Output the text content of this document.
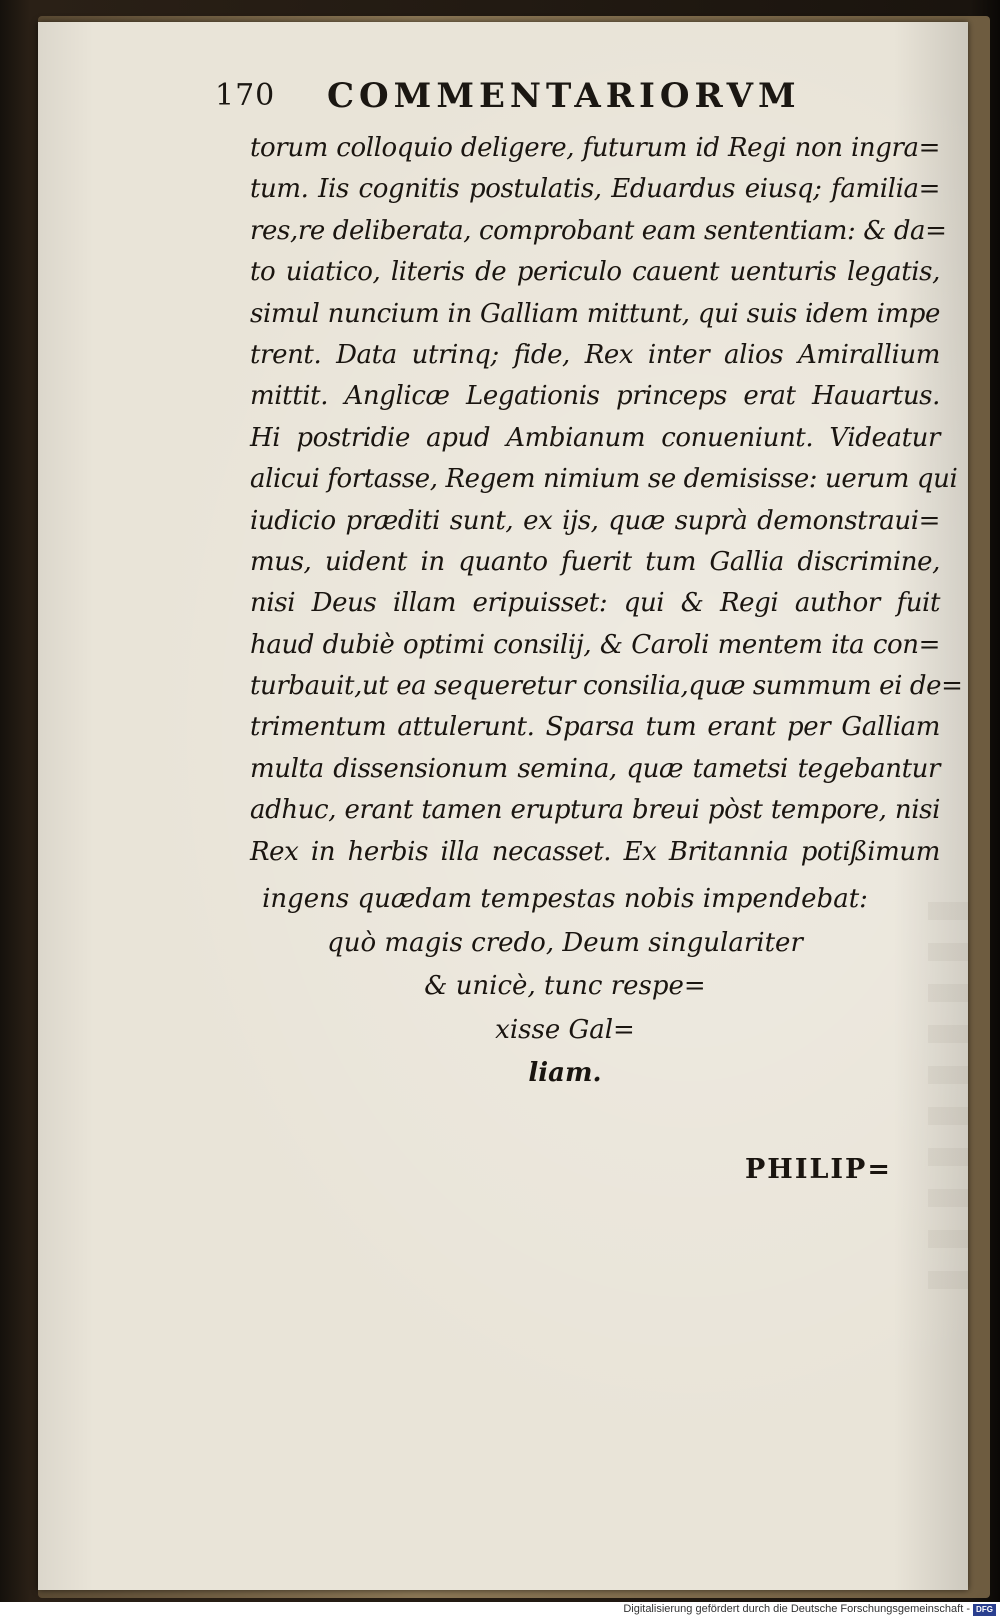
170 COMMENTARIORVM
torum colloquio deligere, futurum id Regi non ingra=
tum. Iis cognitis postulatis, Eduardus eiusq; familia=
res,re deliberata, comprobant eam sententiam: & da=
to uiatico, literis de periculo cauent uenturis legatis,
simul nuncium in Galliam mittunt, qui suis idem impe
trent. Data utrinq; fide, Rex inter alios Amirallium
mittit. Anglicæ Legationis princeps erat Hauartus.
Hi postridie apud Ambianum conueniunt. Videatur
alicui fortasse, Regem nimium se demisisse: uerum qui
iudicio præditi sunt, ex ijs, quæ suprà demonstraui=
mus, uident in quanto fuerit tum Gallia discrimine,
nisi Deus illam eripuisset: qui & Regi author fuit
haud dubiè optimi consilij, & Caroli mentem ita con=
turbauit,ut ea sequeretur consilia,quæ summum ei de=
trimentum attulerunt. Sparsa tum erant per Galliam
multa dissensionum semina, quæ tametsi tegebantur
adhuc, erant tamen eruptura breui pòst tempore, nisi
Rex in herbis illa necasset. Ex Britannia potißimum
ingens quædam tempestas nobis impendebat:
quò magis credo, Deum singulariter
& unicè, tunc respe=
xisse Gal=
liam.
PHILIP=
Digitalisierung gefördert durch die Deutsche Forschungsgemeinschaft - DFG
